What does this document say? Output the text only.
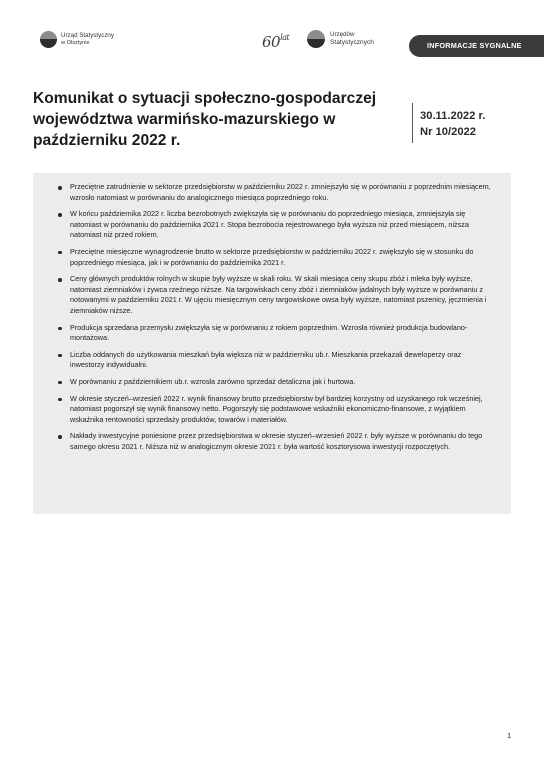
Urząd Statystyczny
w Olsztynie	$60^{lat}$	Urzędów
Statystycznych	INFORMACJE SYGNALNE
Komunikat o sytuacji społeczno-gospodarczej województwa warmińsko-mazurskiego w październiku 2022 r.
30.11.2022 r.
Nr 10/2022
Przeciętne zatrudnienie w sektorze przedsiębiorstw w październiku 2022 r. zmniejszyło się w porównaniu z poprzednim miesiącem, wzrosło natomiast w porównaniu do analogicznego miesiąca poprzedniego roku.
W końcu października 2022 r. liczba bezrobotnych zwiększyła się w porównaniu do poprzedniego miesiąca, zmniejszyła się natomiast w porównaniu do października 2021 r. Stopa bezrobocia rejestrowanego była wyższa niż przed miesiącem, niższa natomiast niż przed rokiem.
Przeciętne miesięczne wynagrodzenie brutto w sektorze przedsiębiorstw w październiku 2022 r. zwiększyło się w stosunku do poprzedniego miesiąca, jak i w porównaniu do października 2021 r.
Ceny głównych produktów rolnych w skupie były wyższe w skali roku. W skali miesiąca ceny skupu zbóż i mleka były wyższe, natomiast ziemniaków i żywca rzeźnego niższe. Na targowiskach ceny zbóż i ziemniaków jadalnych były wyższe w porównaniu z notowanymi w październiku 2021 r. W ujęciu miesięcznym ceny targowiskowe owsa były wyższe, natomiast pszenicy, jęczmienia i ziemniaków niższe.
Produkcja sprzedana przemysłu zwiększyła się w porównaniu z rokiem poprzednim. Wzrosła również produkcja budowlano-montażowa.
Liczba oddanych do użytkowania mieszkań była większa niż w październiku ub.r. Mieszkania przekazali deweloperzy oraz inwestorzy indywidualni.
W porównaniu z październikiem ub.r. wzrosła zarówno sprzedaż detaliczna jak i hurtowa.
W okresie styczeń–wrzesień 2022 r. wynik finansowy brutto przedsiębiorstw był bardziej korzystny od uzyskanego rok wcześniej, natomiast pogorszył się wynik finansowy netto. Pogorszyły się podstawowe wskaźniki ekonomiczno-finansowe, z wyjątkiem wskaźnika rentowności sprzedaży produktów, towarów i materiałów.
Nakłady inwestycyjne poniesione przez przedsiębiorstwa w okresie styczeń–wrzesień 2022 r. były wyższe w porównaniu do tego samego okresu 2021 r. Niższa niż w analogicznym okresie 2021 r. była wartość kosztorysowa inwestycji rozpoczętych.
1
